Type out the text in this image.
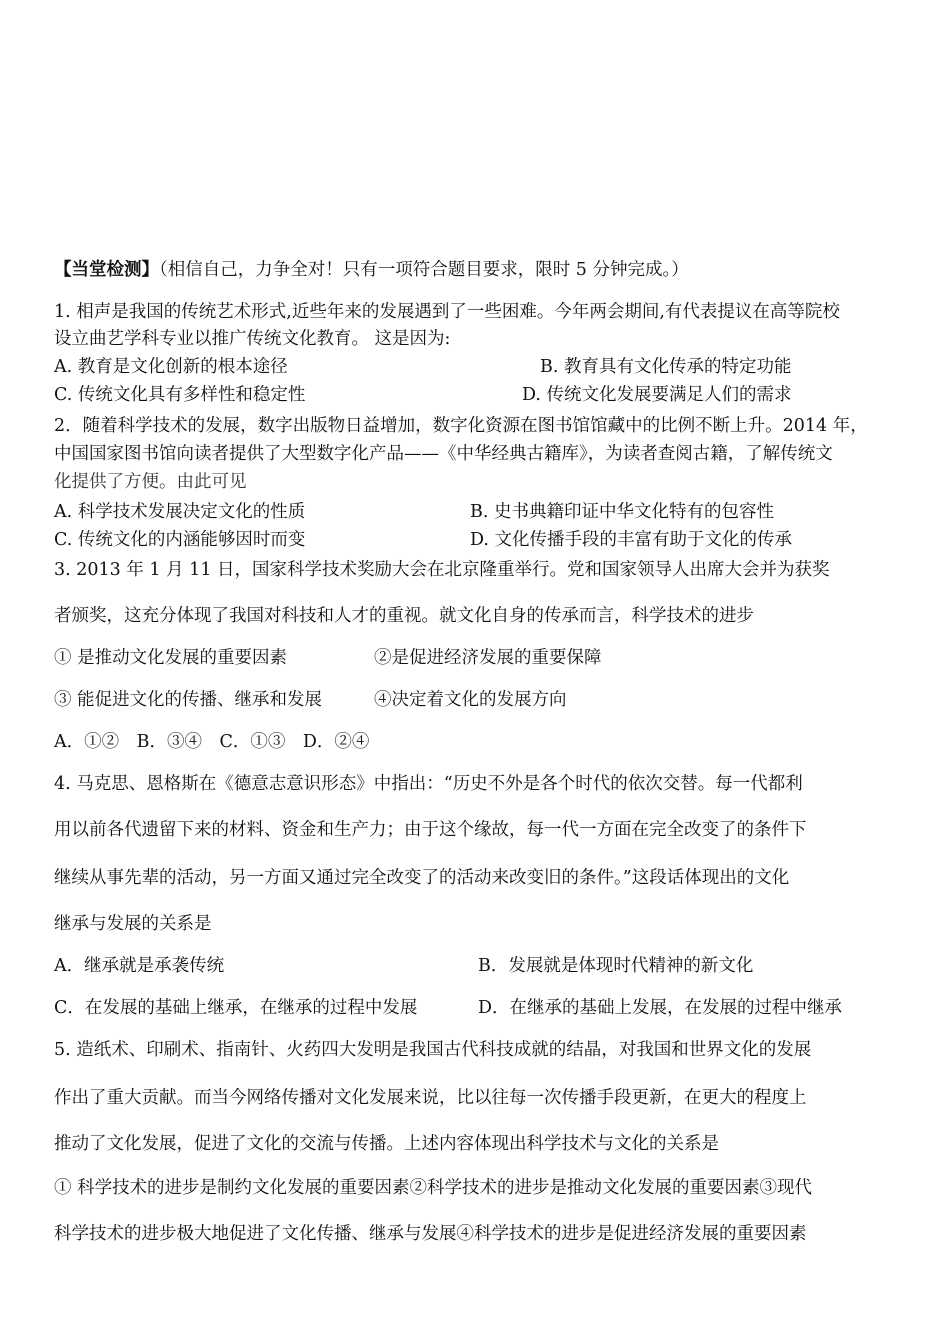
【当堂检测】（相信自己，力争全对！只有一项符合题目要求，限时 5 分钟完成。）
1. 相声是我国的传统艺术形式,近些年来的发展遇到了一些困难。今年两会期间,有代表提议在高等院校
设立曲艺学科专业以推广传统文化教育。 这是因为:
A. 教育是文化创新的根本途径	B. 教育具有文化传承的特定功能
C. 传统文化具有多样性和稳定性	D. 传统文化发展要满足人们的需求
2．随着科学技术的发展，数字出版物日益增加，数字化资源在图书馆馆藏中的比例不断上升。2014 年，
中国国家图书馆向读者提供了大型数字化产品——《中华经典古籍库》，为读者查阅古籍，了解传统文
化提供了方便。由此可见
A. 科学技术发展决定文化的性质	B. 史书典籍印证中华文化特有的包容性
C. 传统文化的内涵能够因时而变	D. 文化传播手段的丰富有助于文化的传承
3. 2013 年 1 月 11 日，国家科学技术奖励大会在北京隆重举行。党和国家领导人出席大会并为获奖
者颁奖，这充分体现了我国对科技和人才的重视。就文化自身的传承而言，科学技术的进步
① 是推动文化发展的重要因素	②是促进经济发展的重要保障
③ 能促进文化的传播、继承和发展	④决定着文化的发展方向
A．①②　B．③④　C．①③　D．②④
4. 马克思、恩格斯在《德意志意识形态》中指出：“历史不外是各个时代的依次交替。每一代都利
用以前各代遗留下来的材料、资金和生产力；由于这个缘故，每一代一方面在完全改变了的条件下
继续从事先辈的活动，另一方面又通过完全改变了的活动来改变旧的条件。”这段话体现出的文化
继承与发展的关系是
A．继承就是承袭传统	B．发展就是体现时代精神的新文化
C．在发展的基础上继承，在继承的过程中发展	D．在继承的基础上发展，在发展的过程中继承
5. 造纸术、印刷术、指南针、火药四大发明是我国古代科技成就的结晶，对我国和世界文化的发展
作出了重大贡献。而当今网络传播对文化发展来说，比以往每一次传播手段更新，在更大的程度上
推动了文化发展，促进了文化的交流与传播。上述内容体现出科学技术与文化的关系是
① 科学技术的进步是制约文化发展的重要因素②科学技术的进步是推动文化发展的重要因素③现代
科学技术的进步极大地促进了文化传播、继承与发展④科学技术的进步是促进经济发展的重要因素
